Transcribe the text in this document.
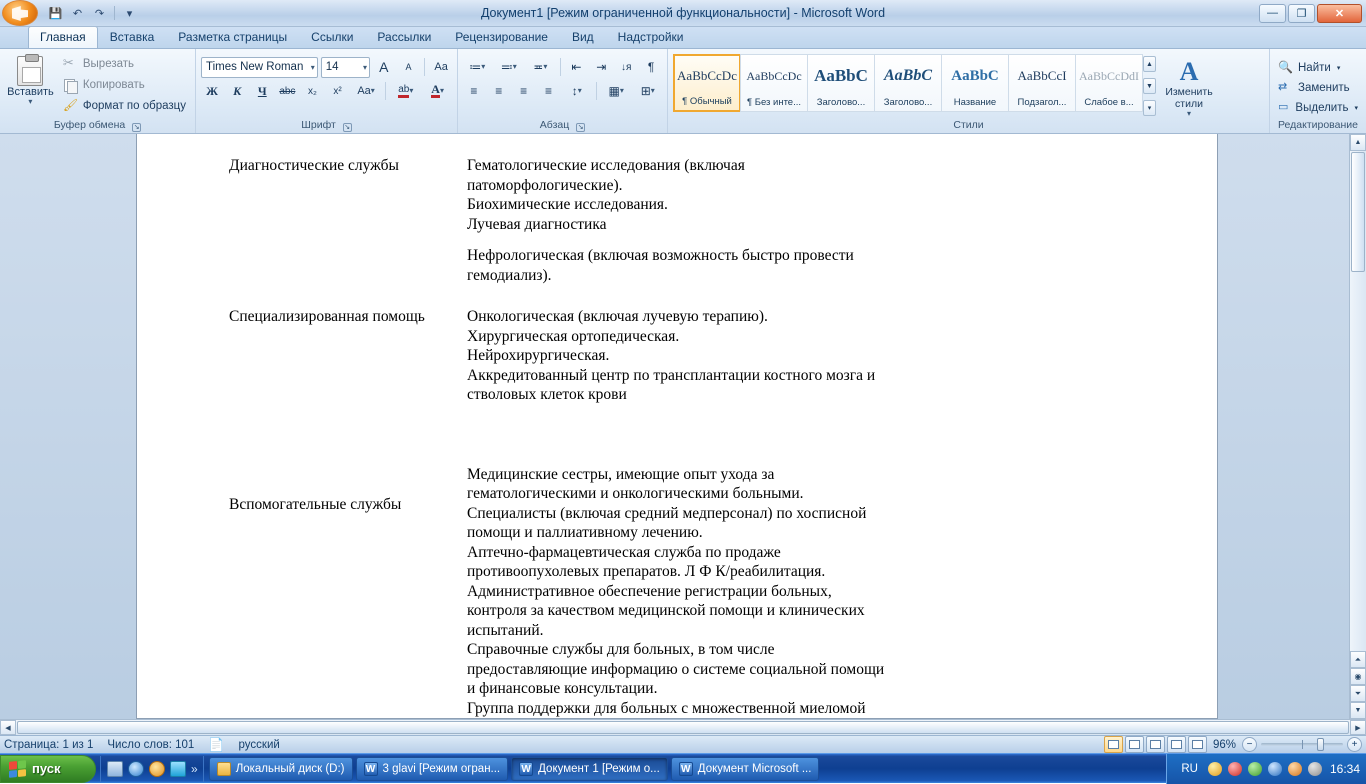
💾 ↶	↷	▾	Документ1 [Режим ограниченной функциональности] - Microsoft Word	—	❐	✕
Главная	Вставка	Разметка страницы	Ссылки	Рассылки	Рецензирование	Вид	Надстройки
Вставить
▾
✂
Вырезать
Копировать
🖌
Формат по образцу
Буфер обмена ↘
Times New Roman ▾ 14	▾ A A Aa
Ж К Ч abc x₂ x² Aa ▾ ab ▾ A ▾
Шрифт ↘
≔ ▾ ≕ ▾ ≖ ▾ ⇤ ⇥ ↓я ¶
≡ ≡ ≡ ≡ ↕ ▾ ▦ ▾ ⊞ ▾
Абзац ↘
AaBbCcDc
¶ Обычный
AaBbCcDc
¶ Без инте...
AaBbC
Заголово...
AaBbC
Заголово...
AaBbC
Название
AaBbCcI
Подзагол...
AaBbCcDdI
Слабое в...
▲
▼
▾
A
Изменить стили
▾
Стили
🔍 Найти ▾
⇄ Заменить
▭ Выделить ▾
Редактирование

Диагностические службы	Гематологические исследования (включая

патоморфологические).

Биохимические исследования.

Лучевая диагностика

Нефрологическая (включая возможность быстро провести

гемодиализ).

Специализированная помощь	Онкологическая (включая лучевую терапию).

Хирургическая ортопедическая.

Нейрохирургическая.

Аккредитованный центр по трансплантации костного мозга и

стволовых клеток крови

Вспомогательные службы

Медицинские сестры, имеющие опыт ухода за

гематологическими и онкологическими больными.

Специалисты (включая средний медперсонал) по хосписной

помощи и паллиативному лечению.

Аптечно-фармацевтическая служба по продаже

противоопухолевых препаратов. Л Ф К/реабилитация.

Административное обеспечение регистрации больных,

контроля за качеством медицинской помощи и клинических

испытаний.

Справочные службы для больных, в том числе

предоставляющие информацию о системе социальной помощи

и финансовые консультации.

Группа поддержки для больных с множественной миеломой

▲
⏶
◉
⏷
▼
◀	▶
Страница: 1 из 1 Число слов: 101 📄 русский	96%	−	+
пуск	»	Локальный диск (D:) W	3 glavi [Режим огран... W	Документ 1 [Режим о... W	Документ Microsoft ...	RU	16:34
